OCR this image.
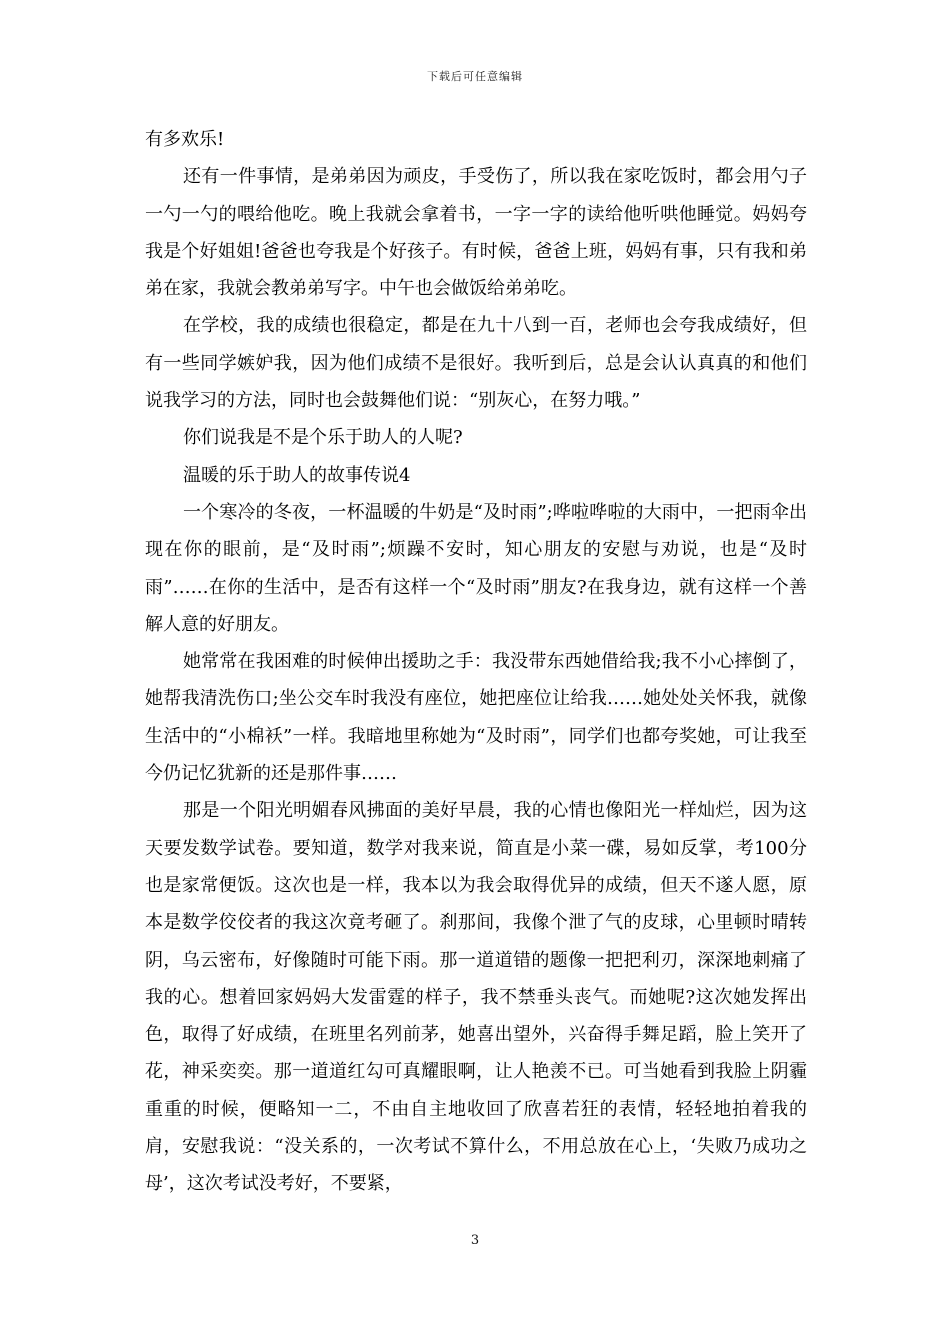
下载后可任意编辑

有多欢乐!

还有一件事情，是弟弟因为顽皮，手受伤了，所以我在家吃饭时，都会用勺子一勺一勺的喂给他吃。晚上我就会拿着书，一字一字的读给他听哄他睡觉。妈妈夸我是个好姐姐!爸爸也夸我是个好孩子。有时候，爸爸上班，妈妈有事，只有我和弟弟在家，我就会教弟弟写字。中午也会做饭给弟弟吃。

在学校，我的成绩也很稳定，都是在九十八到一百，老师也会夸我成绩好，但有一些同学嫉妒我，因为他们成绩不是很好。我听到后，总是会认认真真的和他们说我学习的方法，同时也会鼓舞他们说：“别灰心，在努力哦。”

你们说我是不是个乐于助人的人呢?

温暖的乐于助人的故事传说4

一个寒冷的冬夜，一杯温暖的牛奶是“及时雨”;哗啦哗啦的大雨中，一把雨伞出现在你的眼前，是“及时雨”;烦躁不安时，知心朋友的安慰与劝说，也是“及时雨”……在你的生活中，是否有这样一个“及时雨”朋友?在我身边，就有这样一个善解人意的好朋友。

她常常在我困难的时候伸出援助之手：我没带东西她借给我;我不小心摔倒了，她帮我清洗伤口;坐公交车时我没有座位，她把座位让给我……她处处关怀我，就像生活中的“小棉袄”一样。我暗地里称她为“及时雨”，同学们也都夸奖她，可让我至今仍记忆犹新的还是那件事……

那是一个阳光明媚春风拂面的美好早晨，我的心情也像阳光一样灿烂，因为这天要发数学试卷。要知道，数学对我来说，简直是小菜一碟，易如反掌，考100分也是家常便饭。这次也是一样，我本以为我会取得优异的成绩，但天不遂人愿，原本是数学佼佼者的我这次竟考砸了。刹那间，我像个泄了气的皮球，心里顿时晴转阴，乌云密布，好像随时可能下雨。那一道道错的题像一把把利刃，深深地刺痛了我的心。想着回家妈妈大发雷霆的样子，我不禁垂头丧气。而她呢?这次她发挥出色，取得了好成绩，在班里名列前茅，她喜出望外，兴奋得手舞足蹈，脸上笑开了花，神采奕奕。那一道道红勾可真耀眼啊，让人艳羡不已。可当她看到我脸上阴霾重重的时候，便略知一二，不由自主地收回了欣喜若狂的表情，轻轻地拍着我的肩，安慰我说：“没关系的，一次考试不算什么，不用总放在心上，‘失败乃成功之母’，这次考试没考好，不要紧，

3
